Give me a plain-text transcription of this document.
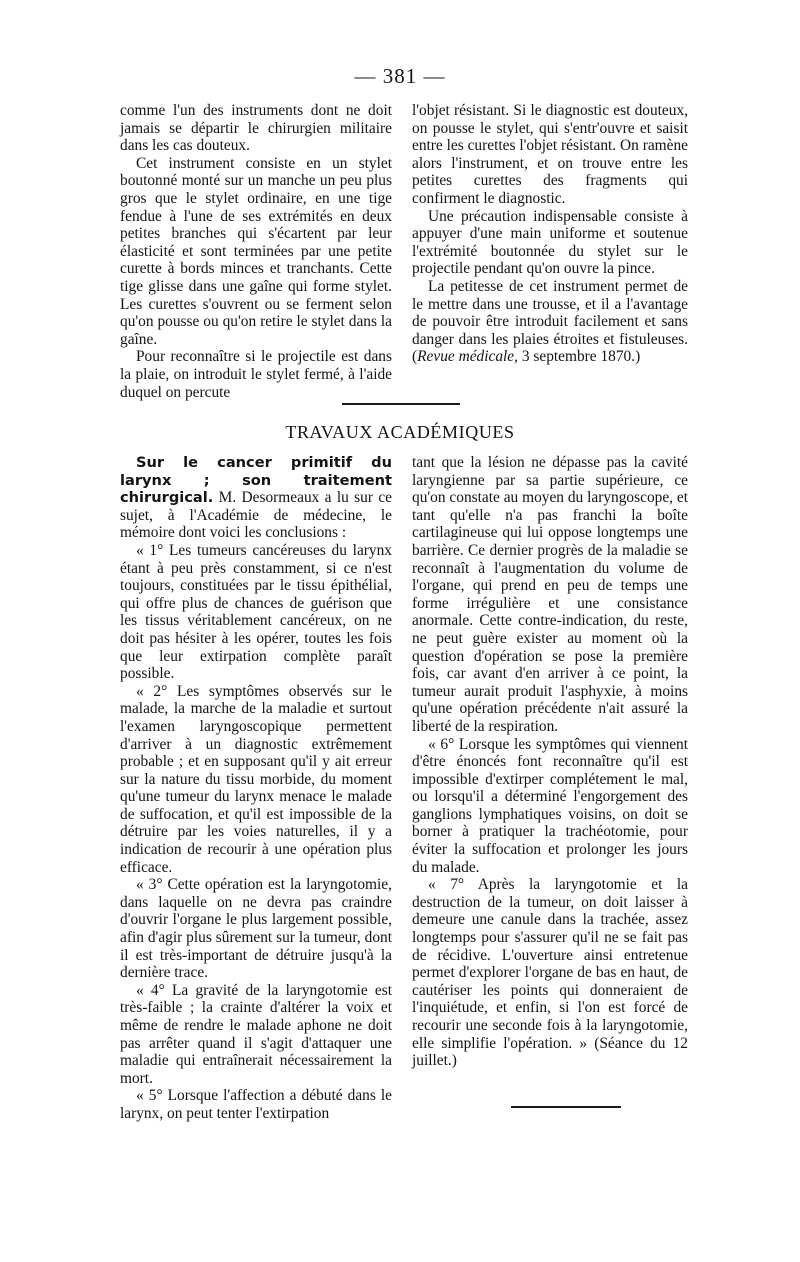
— 381 —

comme l'un des instruments dont ne doit jamais se départir le chirurgien militaire dans les cas douteux.

Cet instrument consiste en un stylet boutonné monté sur un manche un peu plus gros que le stylet ordinaire, en une tige fendue à l'une de ses extrémités en deux petites branches qui s'écartent par leur élasticité et sont terminées par une petite curette à bords minces et tranchants. Cette tige glisse dans une gaîne qui forme stylet. Les curettes s'ouvrent ou se ferment selon qu'on pousse ou qu'on retire le stylet dans la gaîne.

Pour reconnaître si le projectile est dans la plaie, on introduit le stylet fermé, à l'aide duquel on percute

l'objet résistant. Si le diagnostic est douteux, on pousse le stylet, qui s'entr'ouvre et saisit entre les curettes l'objet résistant. On ramène alors l'instrument, et on trouve entre les petites curettes des fragments qui confirment le diagnostic.

Une précaution indispensable consiste à appuyer d'une main uniforme et soutenue l'extrémité boutonnée du stylet sur le projectile pendant qu'on ouvre la pince.

La petitesse de cet instrument permet de le mettre dans une trousse, et il a l'avantage de pouvoir être introduit facilement et sans danger dans les plaies étroites et fistuleuses. (Revue médicale, 3 septembre 1870.)

TRAVAUX ACADÉMIQUES

Sur le cancer primitif du larynx ; son traitement chirurgical. M. Desormeaux a lu sur ce sujet, à l'Académie de médecine, le mémoire dont voici les conclusions :

« 1° Les tumeurs cancéreuses du larynx étant à peu près constamment, si ce n'est toujours, constituées par le tissu épithélial, qui offre plus de chances de guérison que les tissus véritablement cancéreux, on ne doit pas hésiter à les opérer, toutes les fois que leur extirpation complète paraît possible.

« 2° Les symptômes observés sur le malade, la marche de la maladie et surtout l'examen laryngoscopique permettent d'arriver à un diagnostic extrêmement probable ; et en supposant qu'il y ait erreur sur la nature du tissu morbide, du moment qu'une tumeur du larynx menace le malade de suffocation, et qu'il est impossible de la détruire par les voies naturelles, il y a indication de recourir à une opération plus efficace.

« 3° Cette opération est la laryngotomie, dans laquelle on ne devra pas craindre d'ouvrir l'organe le plus largement possible, afin d'agir plus sûrement sur la tumeur, dont il est très-important de détruire jusqu'à la dernière trace.

« 4° La gravité de la laryngotomie est très-faible ; la crainte d'altérer la voix et même de rendre le malade aphone ne doit pas arrêter quand il s'agit d'attaquer une maladie qui entraînerait nécessairement la mort.

« 5° Lorsque l'affection a débuté dans le larynx, on peut tenter l'extirpation

tant que la lésion ne dépasse pas la cavité laryngienne par sa partie supérieure, ce qu'on constate au moyen du laryngoscope, et tant qu'elle n'a pas franchi la boîte cartilagineuse qui lui oppose longtemps une barrière. Ce dernier progrès de la maladie se reconnaît à l'augmentation du volume de l'organe, qui prend en peu de temps une forme irrégulière et une consistance anormale. Cette contre-indication, du reste, ne peut guère exister au moment où la question d'opération se pose la première fois, car avant d'en arriver à ce point, la tumeur aurait produit l'asphyxie, à moins qu'une opération précédente n'ait assuré la liberté de la respiration.

« 6° Lorsque les symptômes qui viennent d'être énoncés font reconnaître qu'il est impossible d'extirper complétement le mal, ou lorsqu'il a déterminé l'engorgement des ganglions lymphatiques voisins, on doit se borner à pratiquer la trachéotomie, pour éviter la suffocation et prolonger les jours du malade.

« 7° Après la laryngotomie et la destruction de la tumeur, on doit laisser à demeure une canule dans la trachée, assez longtemps pour s'assurer qu'il ne se fait pas de récidive. L'ouverture ainsi entretenue permet d'explorer l'organe de bas en haut, de cautériser les points qui donneraient de l'inquiétude, et enfin, si l'on est forcé de recourir une seconde fois à la laryngotomie, elle simplifie l'opération. » (Séance du 12 juillet.)
